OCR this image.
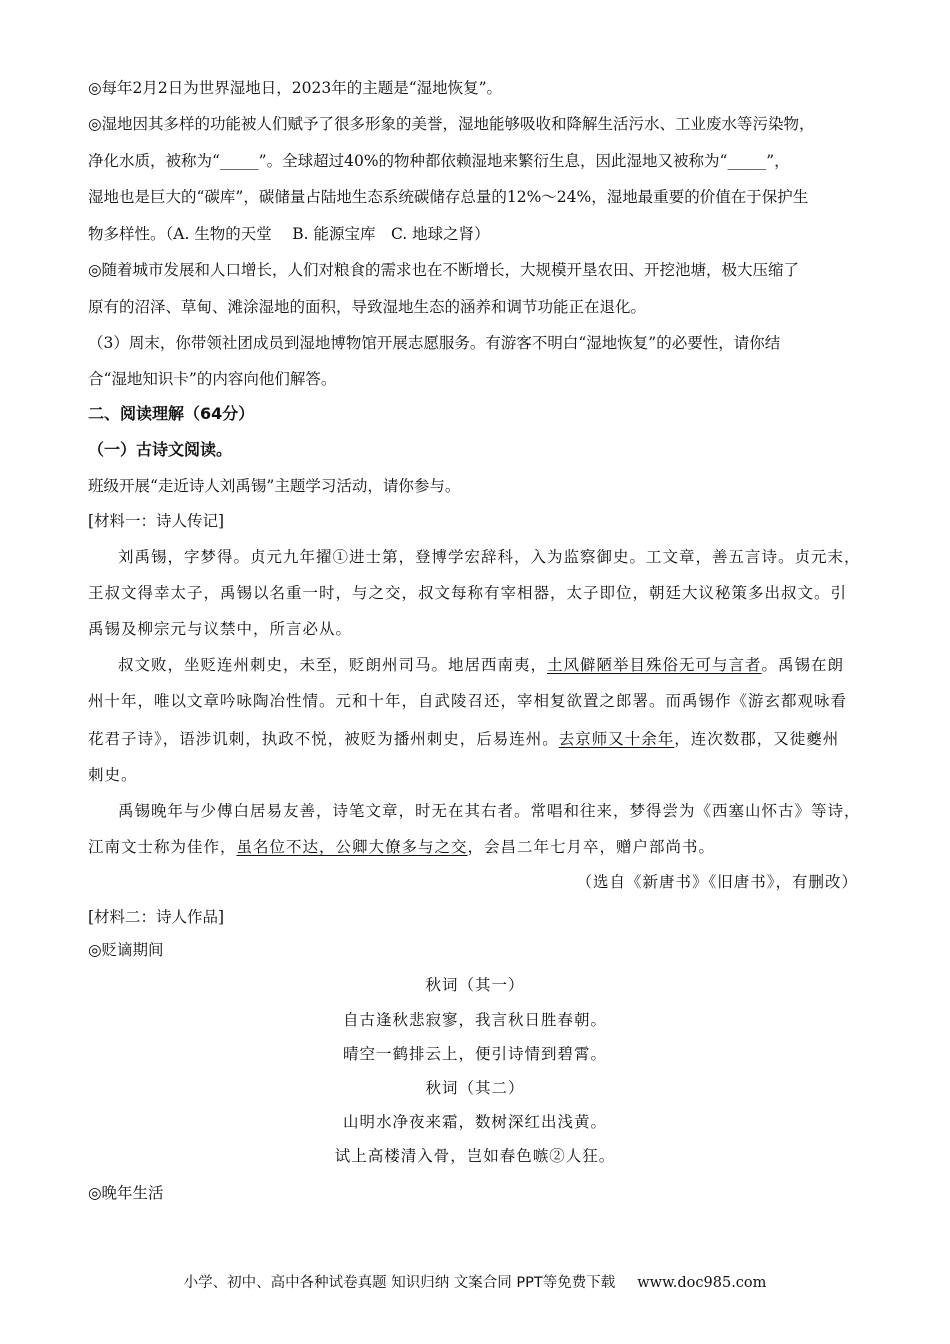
◎每年2月2日为世界湿地日，2023年的主题是“湿地恢复”。
◎湿地因其多样的功能被人们赋予了很多形象的美誉，湿地能够吸收和降解生活污水、工业废水等污染物，
净化水质，被称为“_____”。全球超过40%的物种都依赖湿地来繁衍生息，因此湿地又被称为“_____”，
湿地也是巨大的“碳库”，碳储量占陆地生态系统碳储存总量的12%～24%，湿地最重要的价值在于保护生
物多样性。（A. 生物的天堂　 B. 能源宝库　C. 地球之肾）
◎随着城市发展和人口增长，人们对粮食的需求也在不断增长，大规模开垦农田、开挖池塘，极大压缩了
原有的沼泽、草甸、滩涂湿地的面积，导致湿地生态的涵养和调节功能正在退化。
（3）周末，你带领社团成员到湿地博物馆开展志愿服务。有游客不明白“湿地恢复”的必要性，请你结
合“湿地知识卡”的内容向他们解答。
二、阅读理解（64分）
（一）古诗文阅读。
班级开展“走近诗人刘禹锡”主题学习活动，请你参与。
[材料一：诗人传记]
刘禹锡，字梦得。贞元九年擢①进士第，登博学宏辞科，入为监察御史。工文章，善五言诗。贞元末，
王叔文得幸太子，禹锡以名重一时，与之交，叔文每称有宰相器，太子即位，朝廷大议秘策多出叔文。引
禹锡及柳宗元与议禁中，所言必从。
叔文败，坐贬连州刺史，未至，贬朗州司马。地居西南夷，土风僻陋举目殊俗无可与言者。禹锡在朗
州十年，唯以文章吟咏陶冶性情。元和十年，自武陵召还，宰相复欲置之郎署。而禹锡作《游玄都观咏看
花君子诗》，语涉讥刺，执政不悦，被贬为播州刺史，后易连州。去京师又十余年，连次数郡，又徙夔州
刺史。
禹锡晚年与少傅白居易友善，诗笔文章，时无在其右者。常唱和往来，梦得尝为《西塞山怀古》等诗，
江南文士称为佳作，虽名位不达，公卿大僚多与之交，会昌二年七月卒，赠户部尚书。
（选自《新唐书》《旧唐书》，有删改）
[材料二：诗人作品]
◎贬谪期间
秋词（其一）
自古逢秋悲寂寥，我言秋日胜春朝。
晴空一鹤排云上，便引诗情到碧霄。
秋词（其二）
山明水净夜来霜，数树深红出浅黄。
试上高楼清入骨，岂如春色嗾②人狂。
◎晚年生活
小学、初中、高中各种试卷真题 知识归纳 文案合同 PPT等免费下载 www.doc985.com
